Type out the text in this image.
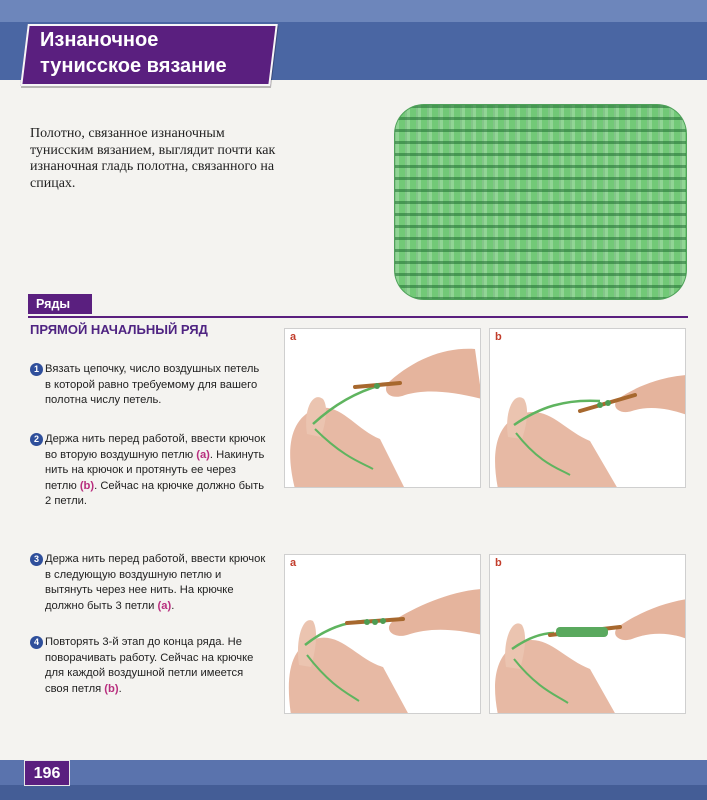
Изнаночное
тунисское вязание

Полотно, связанное изнаночным тунисским вязанием, выглядит почти как изнаночная гладь полотна, связанного на спицах.

Ряды
ПРЯМОЙ НАЧАЛЬНЫЙ РЯД
1 Вязать цепочку, число воздушных петель в которой равно требуемому для вашего полотна числу петель.

2 Держа нить перед работой, ввести крючок во вторую воздушную петлю (a). Накинуть нить на крючок и протянуть ее через петлю (b). Сейчас на крючке должно быть 2 петли.

3 Держа нить перед работой, ввести крючок в следующую воздушную петлю и вытянуть через нее нить. На крючке должно быть 3 петли (a).

4 Повторять 3-й этап до конца ряда. Не поворачивать работу. Сейчас на крючке для каждой воздушной петли имеется своя петля (b).

a	b
a	b
196
